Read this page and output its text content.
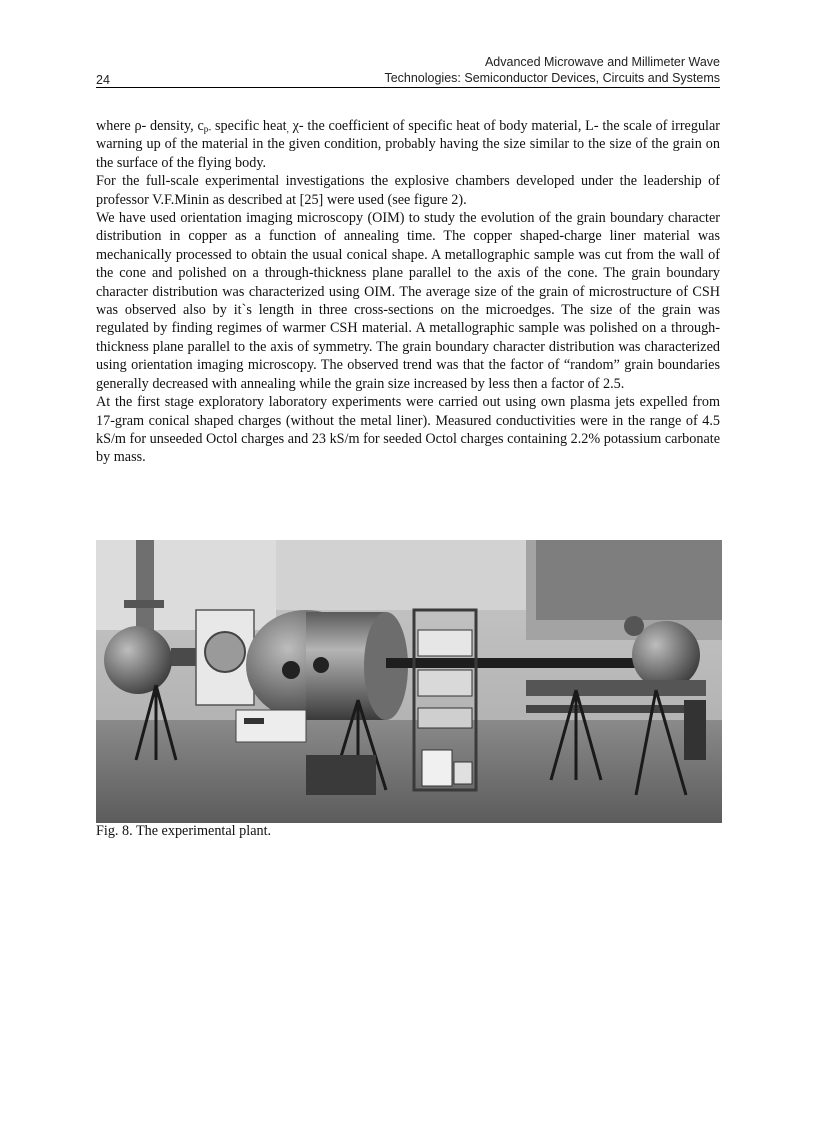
Advanced Microwave and Millimeter Wave
Technologies: Semiconductor Devices, Circuits and Systems
24

where ρ- density, $c_{p-}$ specific heat$_,$ χ- the coefficient of specific heat of body material, L- the scale of irregular warning up of the material in the given condition, probably having the size similar to the size of the grain on the surface of the flying body.

For the full-scale experimental investigations the explosive chambers developed under the leadership of professor V.F.Minin as described at [25] were used (see figure 2).

We have used orientation imaging microscopy (OIM) to study the evolution of the grain boundary character distribution in copper as a function of annealing time. The copper shaped-charge liner material was mechanically processed to obtain the usual conical shape. A metallographic sample was cut from the wall of the cone and polished on a through-thickness plane parallel to the axis of the cone. The grain boundary character distribution was characterized using OIM. The average size of the grain of microstructure of CSH was observed also by it`s length in three cross-sections on the microedges. The size of the grain was regulated by finding regimes of warmer CSH material. A metallographic sample was polished on a through-thickness plane parallel to the axis of symmetry. The grain boundary character distribution was characterized using orientation imaging microscopy. The observed trend was that the factor of “random” grain boundaries generally decreased with annealing while the grain size increased by less then a factor of 2.5.

At the first stage exploratory laboratory experiments were carried out using own plasma jets expelled from 17-gram conical shaped charges (without the metal liner). Measured conductivities were in the range of 4.5 kS/m for unseeded Octol charges and 23 kS/m for seeded Octol charges containing 2.2% potassium carbonate by mass.

Fig. 8. The experimental plant.
